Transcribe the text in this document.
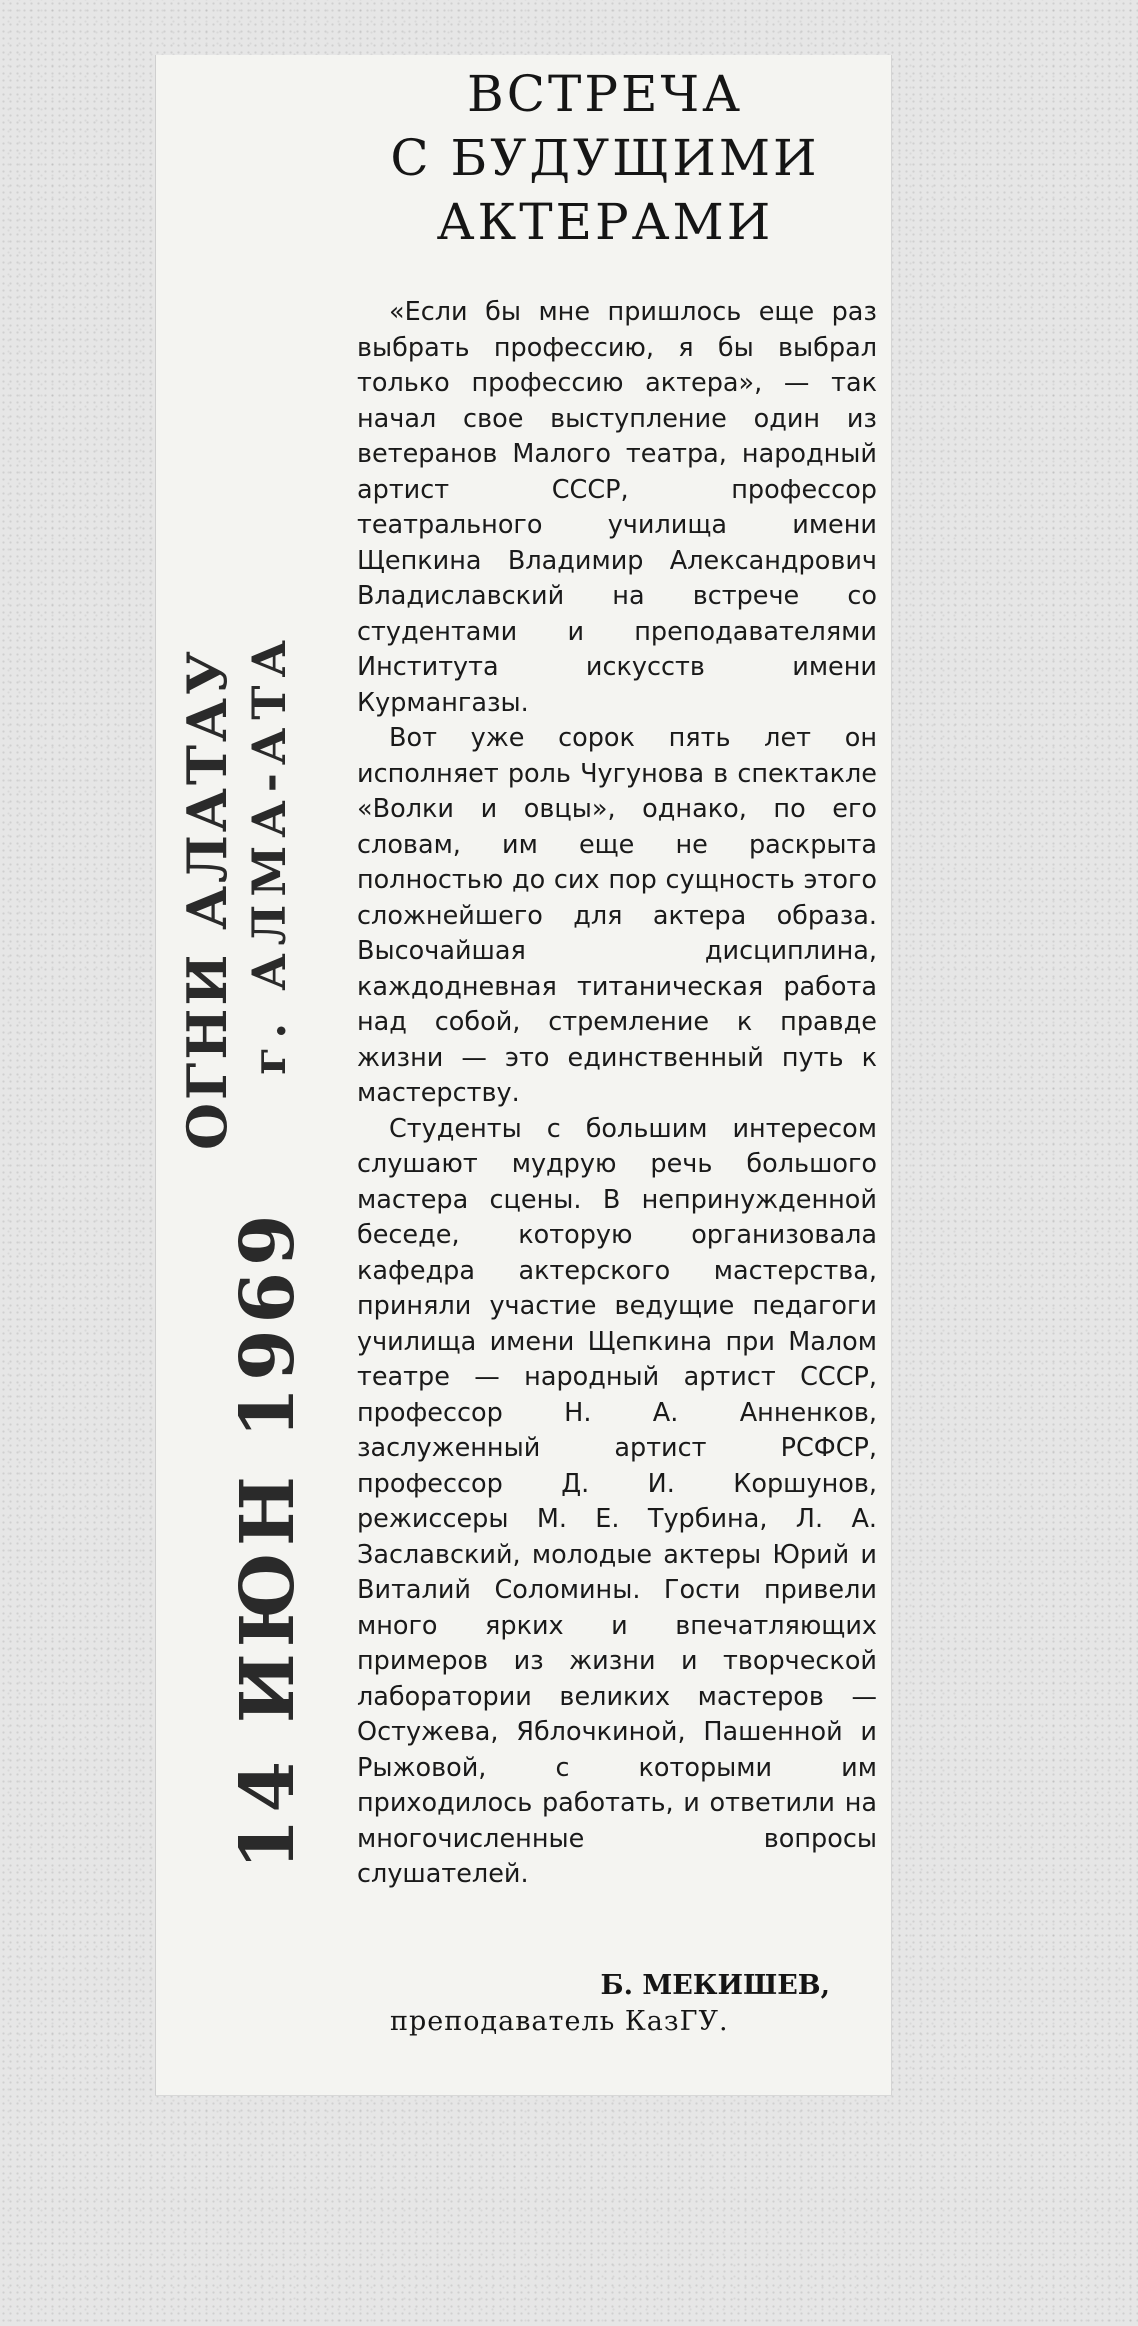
ВСТРЕЧА
С БУДУЩИМИ
АКТЕРАМИ

«Если бы мне пришлось еще раз выбрать профессию, я бы выбрал только профессию актера», — так начал свое выступление один из ветеранов Малого театра, народный артист СССР, профессор театрального училища имени Щепкина Владимир Александрович Владиславский на встрече со студентами и преподавателями Института искусств имени Курмангазы.

Вот уже сорок пять лет он исполняет роль Чугунова в спектакле «Волки и овцы», однако, по его словам, им еще не раскрыта полностью до сих пор сущность этого сложнейшего для актера образа. Высочайшая дисциплина, каждодневная титаническая работа над собой, стремление к правде жизни — это единственный путь к мастерству.

Студенты с большим интересом слушают мудрую речь большого мастера сцены. В непринужденной беседе, которую организовала кафедра актерского мастерства, приняли участие ведущие педагоги училища имени Щепкина при Малом театре — народный артист СССР, профессор Н. А. Анненков, заслуженный артист РСФСР, профессор Д. И. Коршунов, режиссеры М. Е. Турбина, Л. А. Заславский, молодые актеры Юрий и Виталий Соломины. Гости привели много ярких и впечатляющих примеров из жизни и творческой лаборатории великих мастеров — Остужева, Яблочкиной, Пашенной и Рыжовой, с которыми им приходилось работать, и ответили на многочисленные вопросы слушателей.

Б. МЕКИШЕВ,
преподаватель КазГУ.
ОГНИ АЛАТАУ г. АЛМА-АТА
14 ИЮН 1969
